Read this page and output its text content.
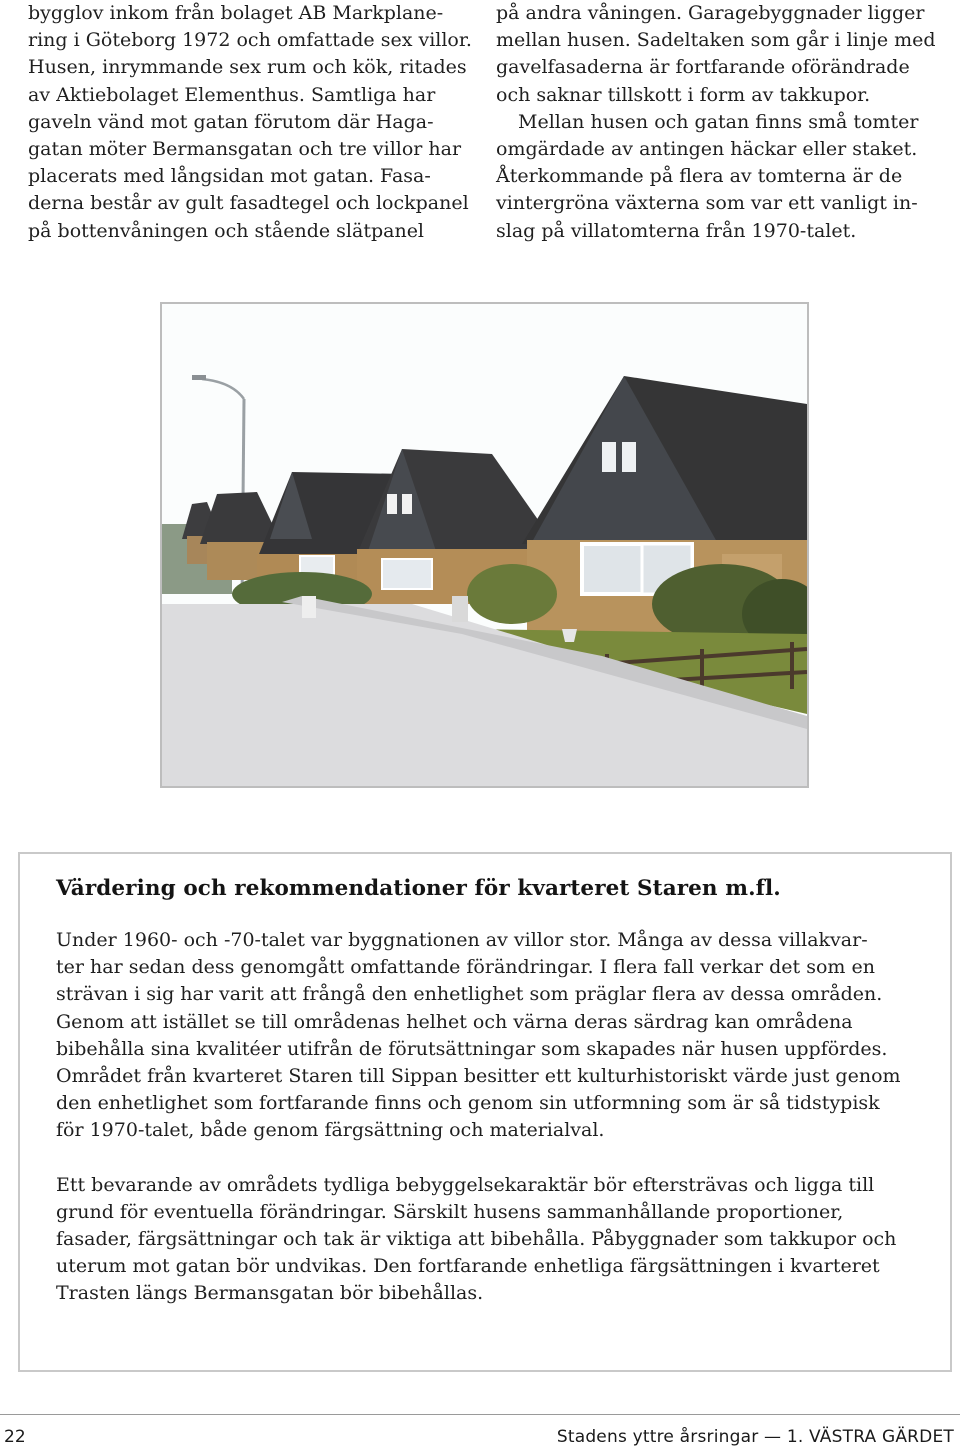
bygglov inkom från bolaget AB Markplane-
ring i Göteborg 1972 och omfattade sex villor.
Husen, inrymmande sex rum och kök, ritades
av Aktiebolaget Elementhus. Samtliga har
gaveln vänd mot gatan förutom där Haga-
gatan möter Bermansgatan och tre villor har
placerats med långsidan mot gatan. Fasa-
derna består av gult fasadtegel och lockpanel
på bottenvåningen och stående slätpanel

på andra våningen. Garagebyggnader ligger
mellan husen. Sadeltaken som går i linje med
gavelfasaderna är fortfarande oförändrade
och saknar tillskott i form av takkupor.

Mellan husen och gatan finns små tomter
omgärdade av antingen häckar eller staket.
Återkommande på flera av tomterna är de
vintergröna växterna som var ett vanligt in-
slag på villatomterna från 1970-talet.

Värdering och rekommendationer för kvarteret Staren m.fl.

Under 1960- och -70-talet var byggnationen av villor stor. Många av dessa villakvar-
ter har sedan dess genomgått omfattande förändringar. I flera fall verkar det som en
strävan i sig har varit att frångå den enhetlighet som präglar flera av dessa områden.
Genom att istället se till områdenas helhet och värna deras särdrag kan områdena
bibehålla sina kvalitéer utifrån de förutsättningar som skapades när husen uppfördes.
Området från kvarteret Staren till Sippan besitter ett kulturhistoriskt värde just genom
den enhetlighet som fortfarande finns och genom sin utformning som är så tidstypisk
för 1970-talet, både genom färgsättning och materialval.

Ett bevarande av områdets tydliga bebyggelsekaraktär bör eftersträvas och ligga till
grund för eventuella förändringar. Särskilt husens sammanhållande proportioner,
fasader, färgsättningar och tak är viktiga att bibehålla. Påbyggnader som takkupor och
uterum mot gatan bör undvikas. Den fortfarande enhetliga färgsättningen i kvarteret
Trasten längs Bermansgatan bör bibehållas.

22	Stadens yttre årsringar — 1. VÄSTRA GÄRDET
